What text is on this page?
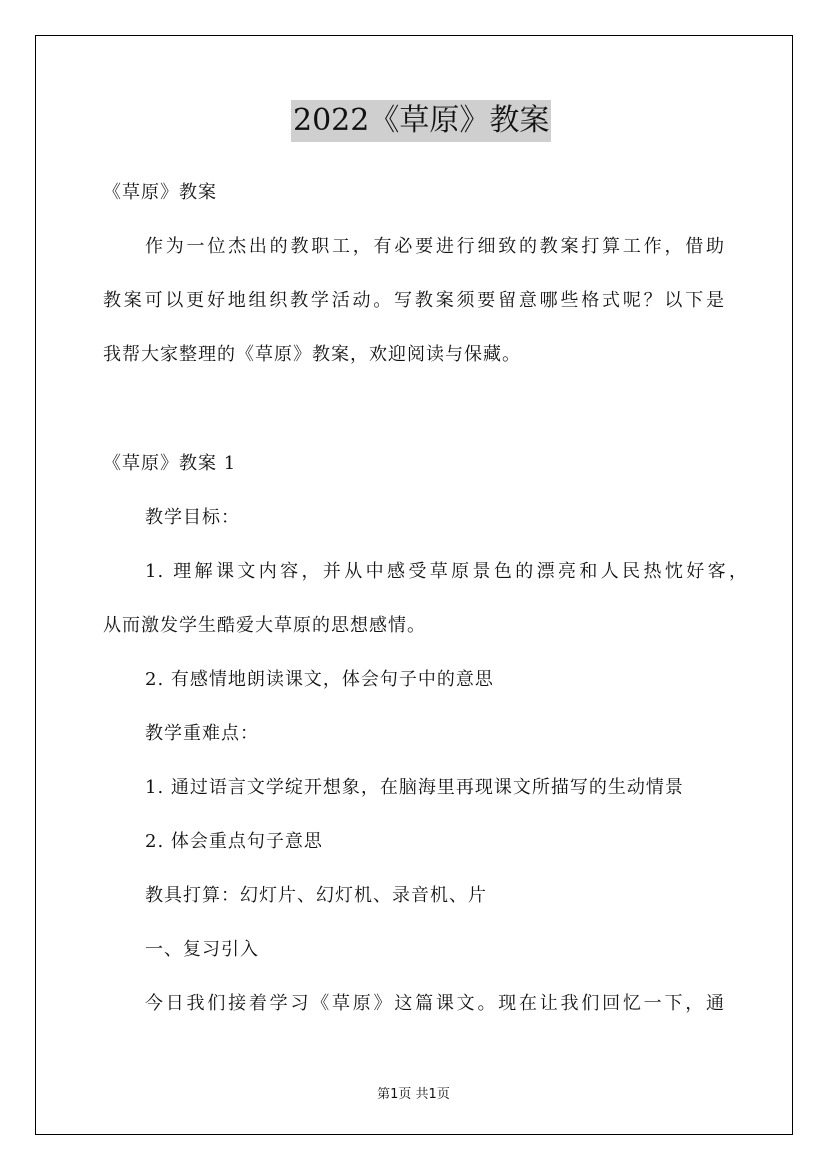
2022《草原》教案
《草原》教案
作为一位杰出的教职工，有必要进行细致的教案打算工作，借助
教案可以更好地组织教学活动。写教案须要留意哪些格式呢？以下是
我帮大家整理的《草原》教案，欢迎阅读与保藏。
《草原》教案 1
教学目标：
1. 理解课文内容，并从中感受草原景色的漂亮和人民热忱好客，
从而激发学生酷爱大草原的思想感情。
2. 有感情地朗读课文，体会句子中的意思
教学重难点：
1. 通过语言文学绽开想象，在脑海里再现课文所描写的生动情景
2. 体会重点句子意思
教具打算：幻灯片、幻灯机、录音机、片
一、复习引入
今日我们接着学习《草原》这篇课文。现在让我们回忆一下，通
第1页 共1页
